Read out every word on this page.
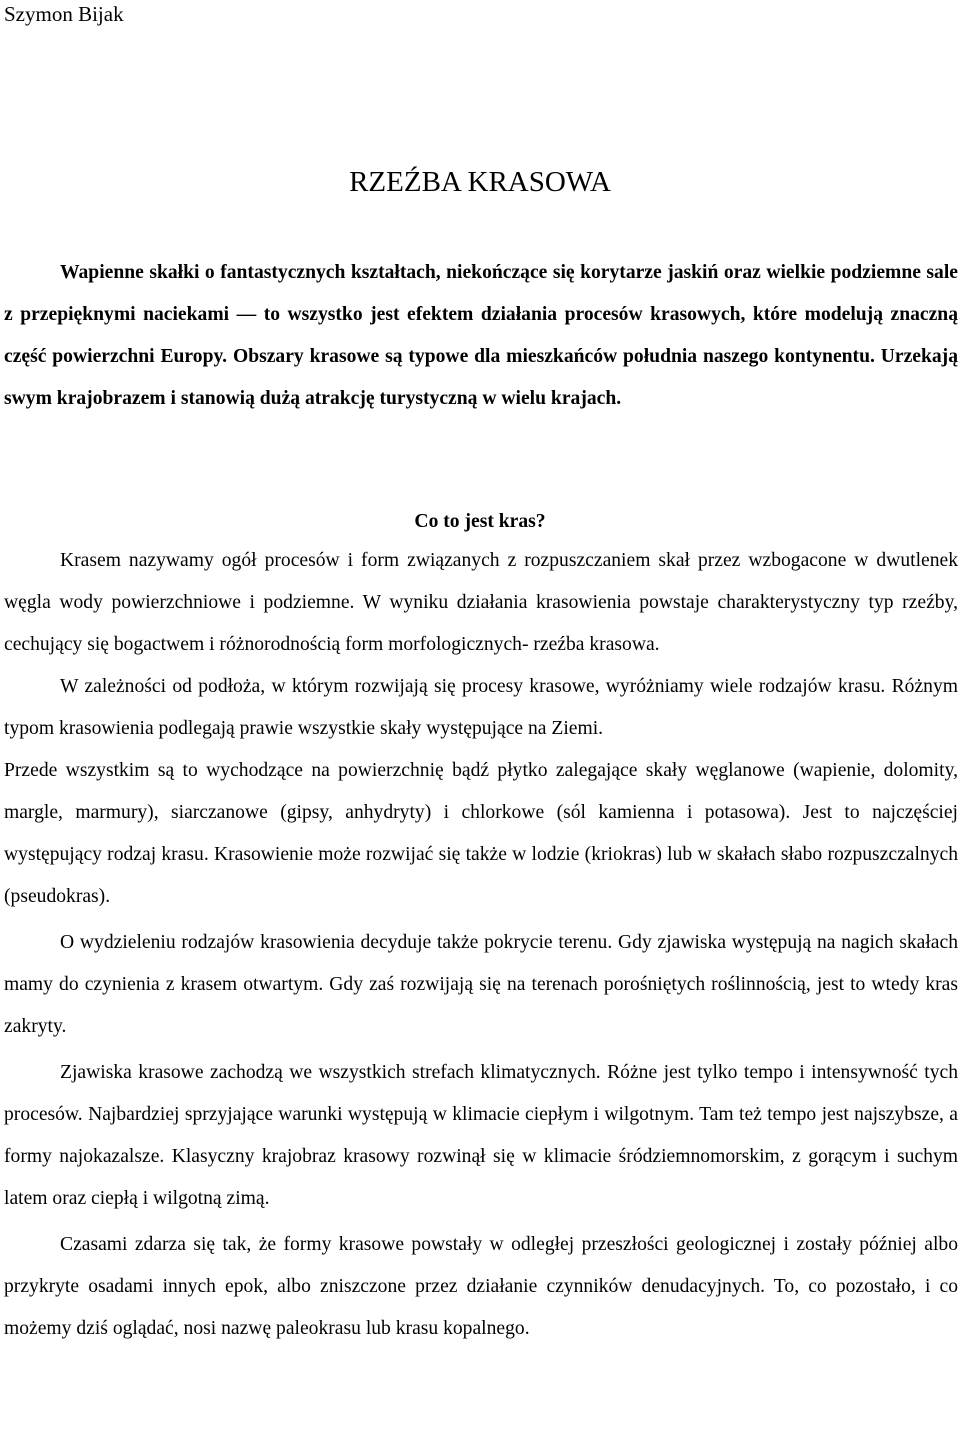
Szymon Bijak

RZEŹBA KRASOWA

Wapienne skałki o fantastycznych kształtach, niekończące się korytarze jaskiń oraz wielkie podziemne sale z przepięknymi naciekami — to wszystko jest efektem działania procesów krasowych, które modelują znaczną część powierzchni Europy. Obszary krasowe są typowe dla mieszkańców południa naszego kontynentu. Urzekają swym krajobrazem i stanowią dużą atrakcję turystyczną w wielu krajach.

Co to jest kras?

Krasem nazywamy ogół procesów i form związanych z rozpuszczaniem skał przez wzbogacone w dwutlenek węgla wody powierzchniowe i podziemne. W wyniku działania krasowienia powstaje charakterystyczny typ rzeźby, cechujący się bogactwem i różnorodnością form morfologicznych- rzeźba krasowa.

W zależności od podłoża, w którym rozwijają się procesy krasowe, wyróżniamy wiele rodzajów krasu. Różnym typom krasowienia podlegają prawie wszystkie skały występujące na Ziemi.

Przede wszystkim są to wychodzące na powierzchnię bądź płytko zalegające skały węglanowe (wapienie, dolomity, margle, marmury), siarczanowe (gipsy, anhydryty) i chlorkowe (sól kamienna i potasowa). Jest to najczęściej występujący rodzaj krasu. Krasowienie może rozwijać się także w lodzie (kriokras) lub w skałach słabo rozpuszczalnych (pseudokras).

O wydzieleniu rodzajów krasowienia decyduje także pokrycie terenu. Gdy zjawiska występują na nagich skałach mamy do czynienia z krasem otwartym. Gdy zaś rozwijają się na terenach porośniętych roślinnością, jest to wtedy kras zakryty.

Zjawiska krasowe zachodzą we wszystkich strefach klimatycznych. Różne jest tylko tempo i intensywność tych procesów. Najbardziej sprzyjające warunki występują w klimacie ciepłym i wilgotnym. Tam też tempo jest najszybsze, a formy najokazalsze. Klasyczny krajobraz krasowy rozwinął się w klimacie śródziemnomorskim, z gorącym i suchym latem oraz ciepłą i wilgotną zimą.

Czasami zdarza się tak, że formy krasowe powstały w odległej przeszłości geologicznej i zostały później albo przykryte osadami innych epok, albo zniszczone przez działanie czynników denudacyjnych. To, co pozostało, i co możemy dziś oglądać, nosi nazwę paleokrasu lub krasu kopalnego.
